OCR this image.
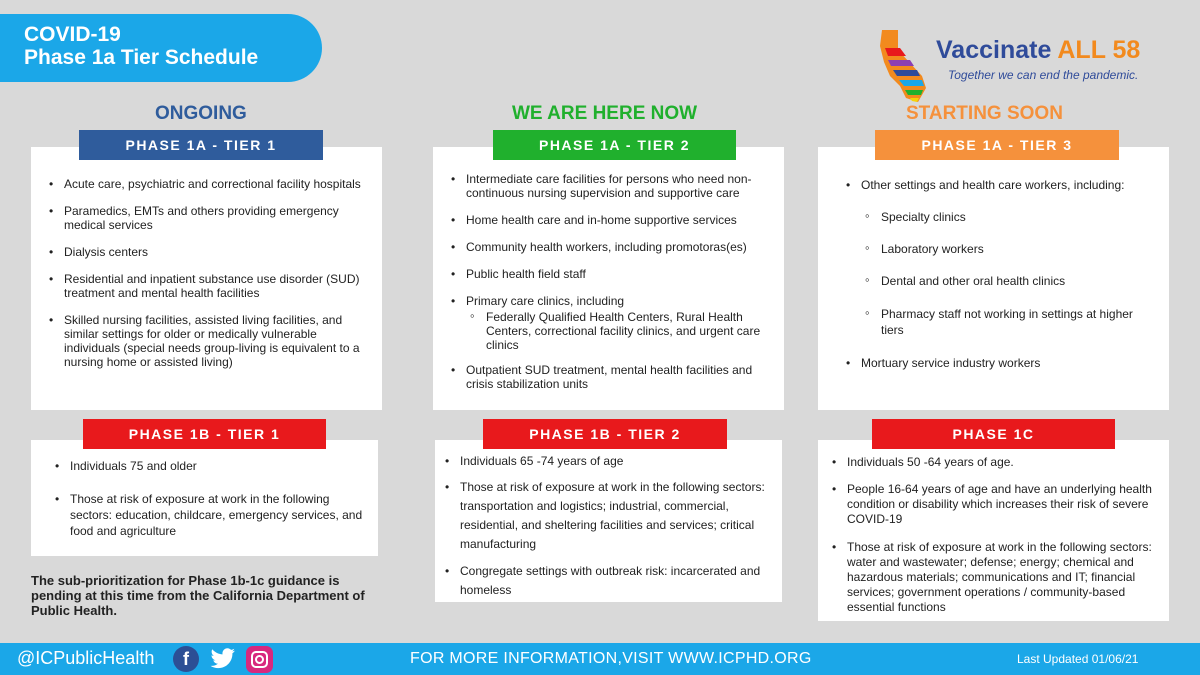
COVID-19
Phase 1a Tier Schedule	Vaccinate ALL 58
Together we can end the pandemic.
ONGOING	WE ARE HERE NOW	STARTING SOON
PHASE 1A - TIER 1
• Acute care, psychiatric and correctional facility hospitals
• Paramedics, EMTs and others providing emergency medical services
• Dialysis centers
• Residential and inpatient substance use disorder (SUD) treatment and mental health facilities
• Skilled nursing facilities, assisted living facilities, and similar settings for older or medically vulnerable individuals (special needs group-living is equivalent to a nursing home or assisted living)
PHASE 1A - TIER 2
• Intermediate care facilities for persons who need non-continuous nursing supervision and supportive care
• Home health care and in-home supportive services
• Community health workers, including promotoras(es)
• Public health field staff
• Primary care clinics, including
◦ Federally Qualified Health Centers, Rural Health Centers, correctional facility clinics, and urgent care clinics
• Outpatient SUD treatment, mental health facilities and crisis stabilization units
PHASE 1A - TIER 3
• Other settings and health care workers, including:
◦ Specialty clinics
◦ Laboratory workers
◦ Dental and other oral health clinics
◦ Pharmacy staff not working in settings at higher tiers
• Mortuary service industry workers
PHASE 1B - TIER 1
• Individuals 75 and older
• Those at risk of exposure at work in the following sectors: education, childcare, emergency services, and food and agriculture
PHASE 1B - TIER 2
• Individuals 65 -74 years of age
• Those at risk of exposure at work in the following sectors: transportation and logistics; industrial, commercial, residential, and sheltering facilities and services; critical manufacturing
• Congregate settings with outbreak risk: incarcerated and homeless
PHASE 1C
• Individuals 50 -64 years of age.
• People 16-64 years of age and have an underlying health condition or disability which increases their risk of severe COVID-19
• Those at risk of exposure at work in the following sectors: water and wastewater; defense; energy; chemical and hazardous materials; communications and IT; financial services; government operations / community-based essential functions
The sub-prioritization for Phase 1b-1c guidance is pending at this time from the California Department of Public Health.
@ICPublicHealth	f	FOR MORE INFORMATION,VISIT WWW.ICPHD.ORG	Last Updated 01/06/21
